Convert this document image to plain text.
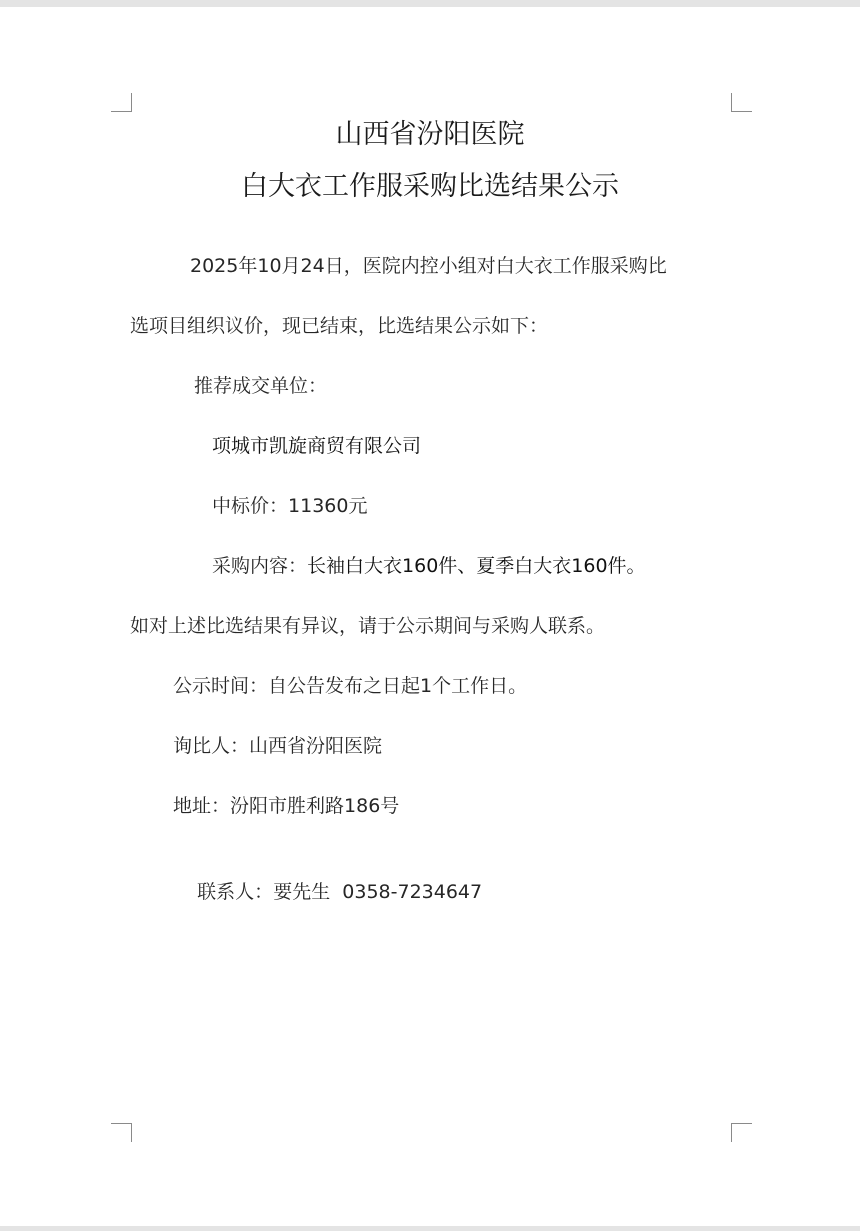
山西省汾阳医院
白大衣工作服采购比选结果公示
2025年10月24日，医院内控小组对白大衣工作服采购比
选项目组织议价，现已结束，比选结果公示如下：
推荐成交单位：
项城市凯旋商贸有限公司
中标价：11360元
采购内容：长袖白大衣160件、夏季白大衣160件。
如对上述比选结果有异议，请于公示期间与采购人联系。
公示时间：自公告发布之日起1个工作日。
询比人：山西省汾阳医院
地址：汾阳市胜利路186号

联系人：要先生  0358-7234647
